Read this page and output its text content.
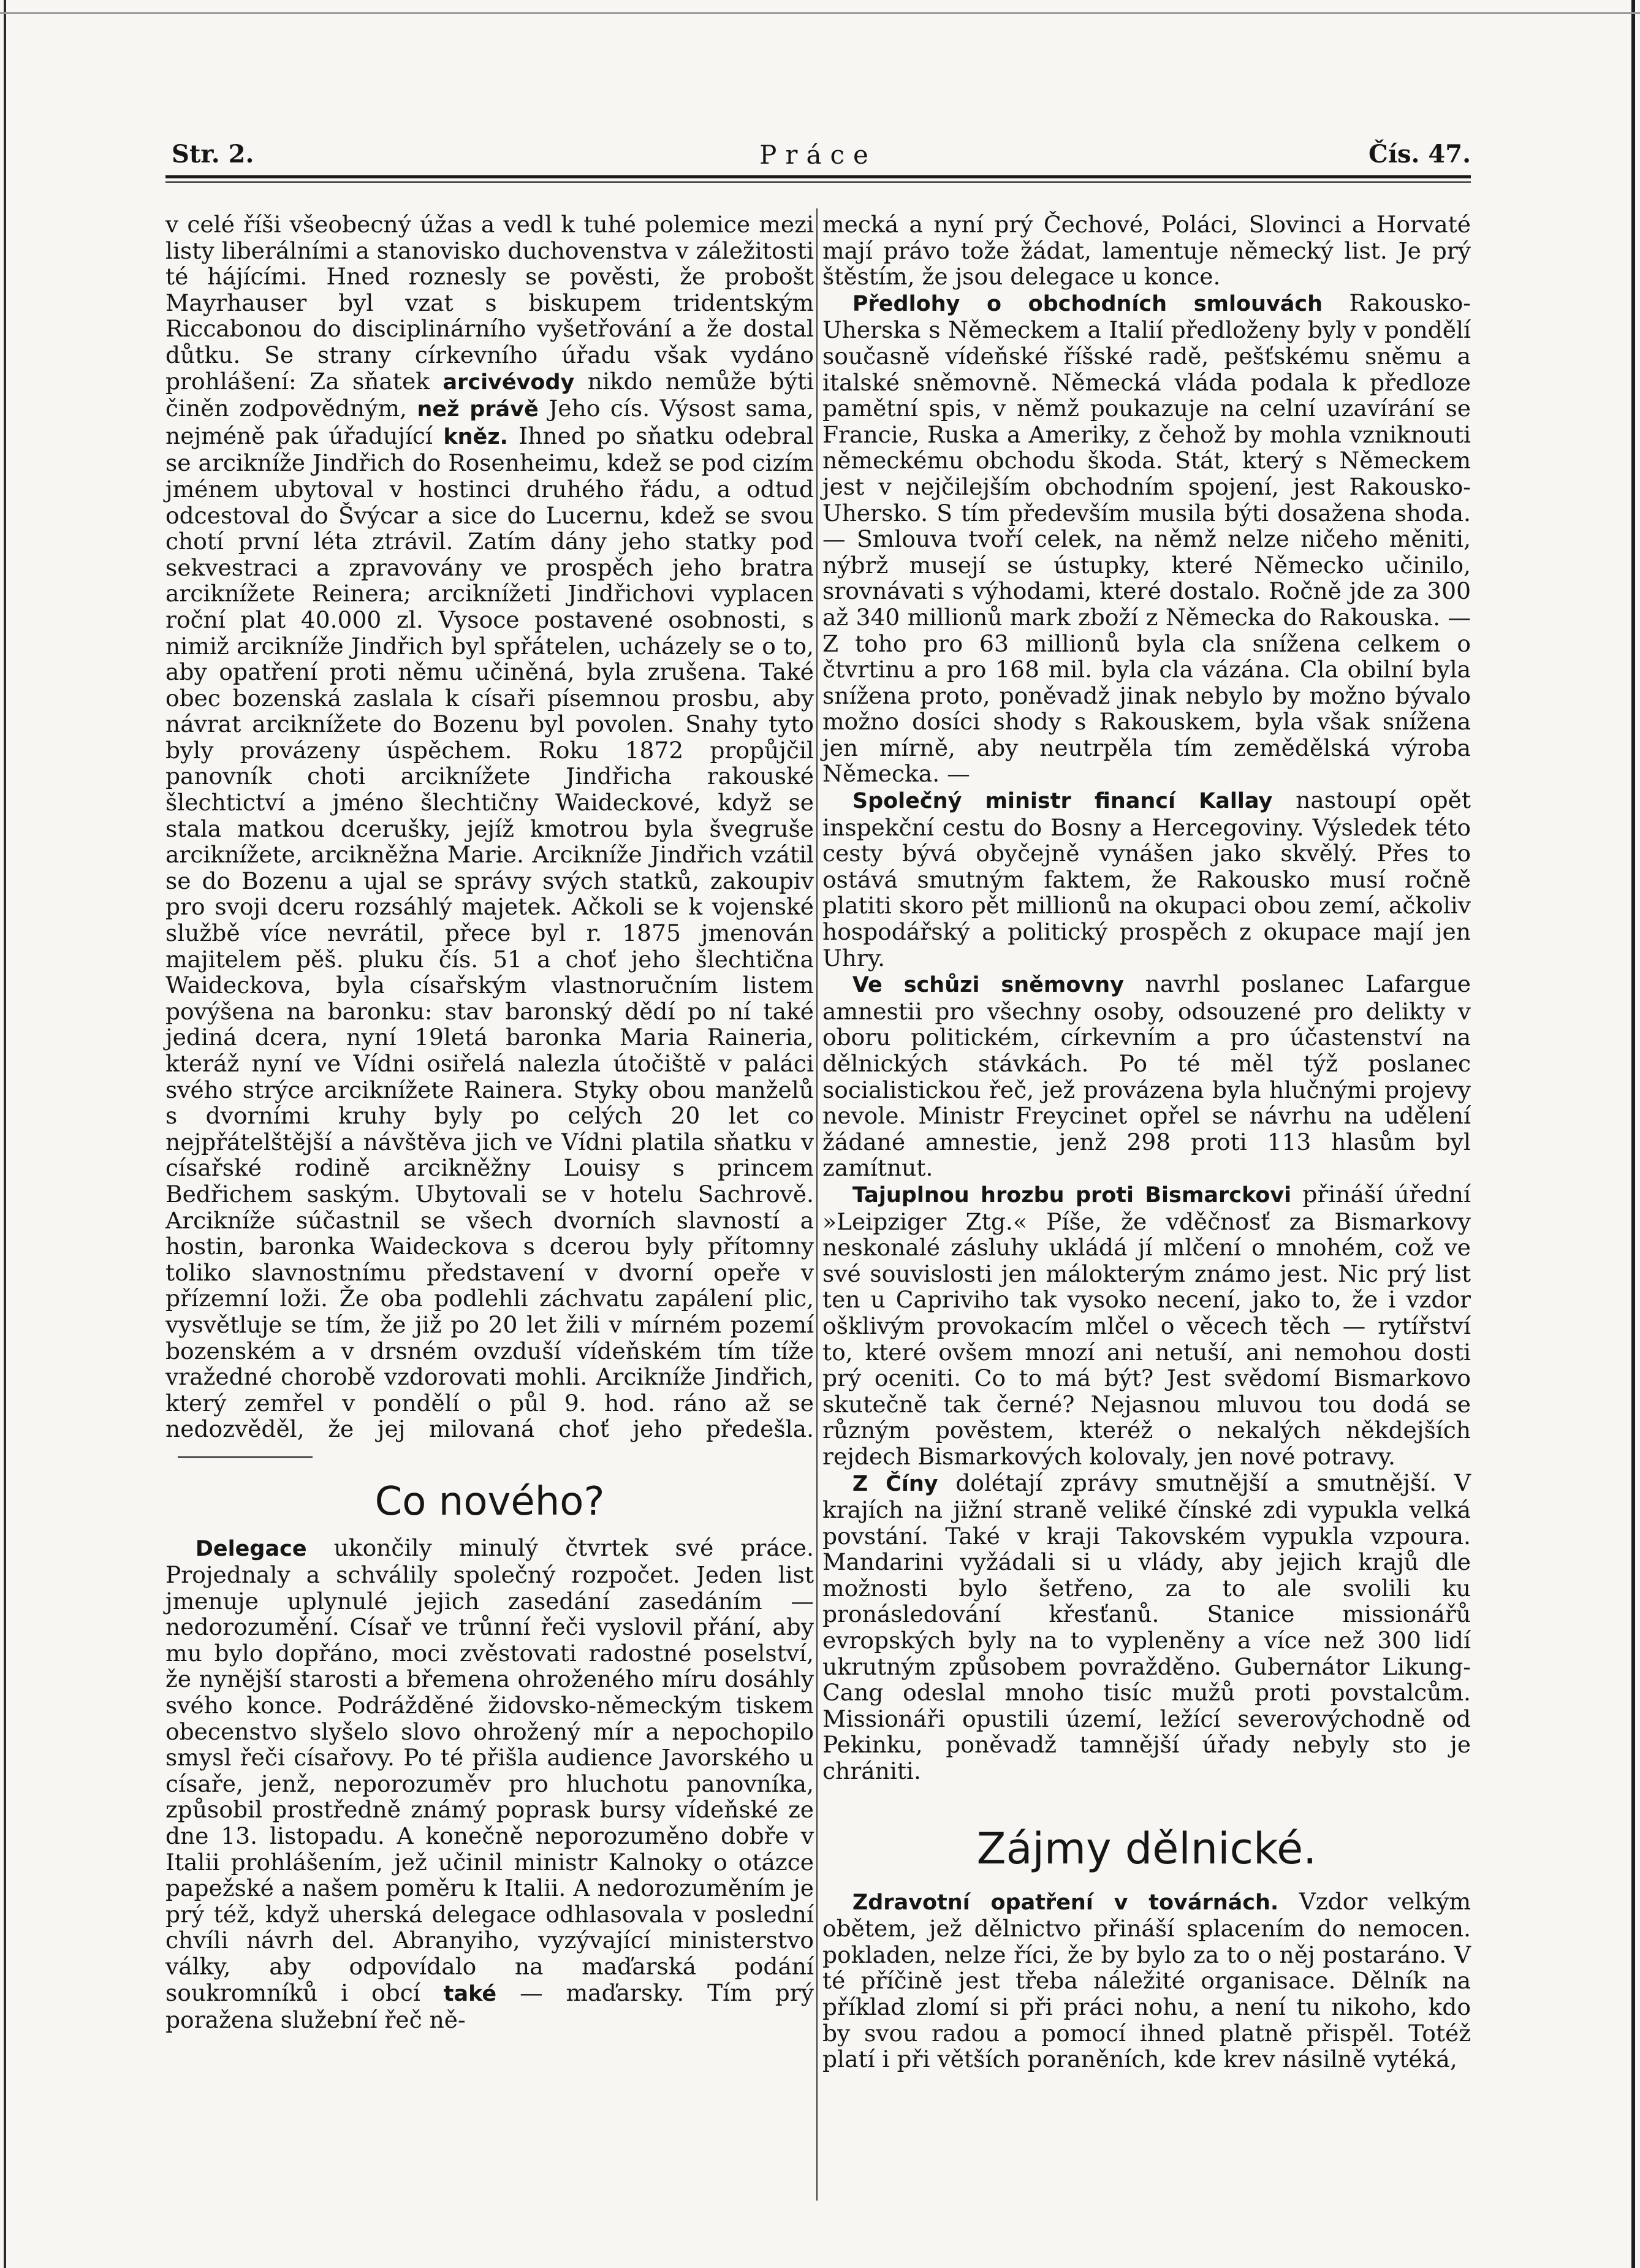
Str. 2.	Práce	Čís. 47.

v celé říši všeobecný úžas a vedl k tuhé polemice mezi listy liberálními a stanovisko duchovenstva v záležitosti té hájícími. Hned roznesly se pověsti, že probošt Mayrhauser byl vzat s biskupem tridentským Riccabonou do disciplinárního vyšetřování a že dostal důtku. Se strany církevního úřadu však vydáno prohlášení: Za sňatek arcivévody nikdo nemůže býti činěn zodpovědným, než právě Jeho cís. Výsost sama, nejméně pak úřadující kněz. Ihned po sňatku odebral se arcikníže Jindřich do Rosenheimu, kdež se pod cizím jménem ubytoval v hostinci druhého řádu, a odtud odcestoval do Švýcar a sice do Lucernu, kdež se svou chotí první léta ztrávil. Zatím dány jeho statky pod sekvestraci a zpravovány ve prospěch jeho bratra arciknížete Reinera; arciknížeti Jindřichovi vyplacen roční plat 40.000 zl. Vysoce postavené osobnosti, s nimiž arcikníže Jindřich byl spřátelen, ucházely se o to, aby opatření proti němu učiněná, byla zrušena. Také obec bozenská zaslala k císaři písemnou prosbu, aby návrat arciknížete do Bozenu byl povolen. Snahy tyto byly provázeny úspěchem. Roku 1872 propůjčil panovník choti arciknížete Jindřicha rakouské šlechtictví a jméno šlechtičny Waideckové, když se stala matkou dcerušky, jejíž kmotrou byla švegruše arciknížete, arcikněžna Marie. Arcikníže Jindřich vzátil se do Bozenu a ujal se správy svých statků, zakoupiv pro svoji dceru rozsáhlý majetek. Ačkoli se k vojenské službě více nevrátil, přece byl r. 1875 jmenován majitelem pěš. pluku čís. 51 a choť jeho šlechtična Waideckova, byla císařským vlastnoručním listem povýšena na baronku: stav baronský dědí po ní také jediná dcera, nyní 19letá baronka Maria Raineria, kteráž nyní ve Vídni osiřelá nalezla útočiště v paláci svého strýce arciknížete Rainera. Styky obou manželů s dvorními kruhy byly po celých 20 let co nejpřátelštější a návštěva jich ve Vídni platila sňatku v císařské rodině arcikněžny Louisy s princem Bedřichem saským. Ubytovali se v hotelu Sachrově. Arcikníže súčastnil se všech dvorních slavností a hostin, baronka Waideckova s dcerou byly přítomny toliko slavnostnímu představení v dvorní opeře v přízemní loži. Že oba podlehli záchvatu zapálení plic, vysvětluje se tím, že již po 20 let žili v mírném pozemí bozenském a v drsném ovzduší vídeňském tím tíže vražedné chorobě vzdorovati mohli. Arcikníže Jindřich, který zemřel v pondělí o půl 9. hod. ráno až se nedozvěděl, že jej milovaná choť jeho předešla.

Co nového?

Delegace ukončily minulý čtvrtek své práce. Projednaly a schválily společný rozpočet. Jeden list jmenuje uplynulé jejich zasedání zasedáním — nedorozumění. Císař ve trůnní řeči vyslovil přání, aby mu bylo dopřáno, moci zvěstovati radostné poselství, že nynější starosti a břemena ohroženého míru dosáhly svého konce. Podrážděné židovsko-německým tiskem obecenstvo slyšelo slovo ohrožený mír a nepochopilo smysl řeči císařovy. Po té přišla audience Javorského u císaře, jenž, neporozuměv pro hluchotu panovníka, způsobil prostředně známý poprask bursy vídeňské ze dne 13. listopadu. A konečně neporozuměno dobře v Italii prohlášením, jež učinil ministr Kalnoky o otázce papežské a našem poměru k Italii. A nedorozuměním je prý též, když uherská delegace odhlasovala v poslední chvíli návrh del. Abranyiho, vyzývající ministerstvo války, aby odpovídalo na maďarská podání soukromníků i obcí také — maďarsky. Tím prý poražena služební řeč ně-

mecká a nyní prý Čechové, Poláci, Slovinci a Horvaté mají právo tože žádat, lamentuje německý list. Je prý štěstím, že jsou delegace u konce.

Předlohy o obchodních smlouvách Rakousko-Uherska s Německem a Italií předloženy byly v pondělí současně vídeňské říšské radě, pešťskému sněmu a italské sněmovně. Německá vláda podala k předloze pamětní spis, v němž poukazuje na celní uzavírání se Francie, Ruska a Ameriky, z čehož by mohla vzniknouti německému obchodu škoda. Stát, který s Německem jest v nejčilejším obchodním spojení, jest Rakousko-Uhersko. S tím především musila býti dosažena shoda. — Smlouva tvoří celek, na němž nelze ničeho měniti, nýbrž musejí se ústupky, které Německo učinilo, srovnávati s výhodami, které dostalo. Ročně jde za 300 až 340 millionů mark zboží z Německa do Rakouska. — Z toho pro 63 millionů byla cla snížena celkem o čtvrtinu a pro 168 mil. byla cla vázána. Cla obilní byla snížena proto, poněvadž jinak nebylo by možno bývalo možno dosíci shody s Rakouskem, byla však snížena jen mírně, aby neutrpěla tím zemědělská výroba Německa. —

Společný ministr financí Kallay nastoupí opět inspekční cestu do Bosny a Hercegoviny. Výsledek této cesty bývá obyčejně vynášen jako skvělý. Přes to ostává smutným faktem, že Rakousko musí ročně platiti skoro pět millionů na okupaci obou zemí, ačkoliv hospodářský a politický prospěch z okupace mají jen Uhry.

Ve schůzi sněmovny navrhl poslanec Lafargue amnestii pro všechny osoby, odsouzené pro delikty v oboru politickém, církevním a pro účastenství na dělnických stávkách. Po té měl týž poslanec socialistickou řeč, jež provázena byla hlučnými projevy nevole. Ministr Freycinet opřel se návrhu na udělení žádané amnestie, jenž 298 proti 113 hlasům byl zamítnut.

Tajuplnou hrozbu proti Bismarckovi přináší úřední »Leipziger Ztg.« Píše, že vděčnosť za Bismarkovy neskonalé zásluhy ukládá jí mlčení o mnohém, což ve své souvislosti jen málokterým známo jest. Nic prý list ten u Capriviho tak vysoko necení, jako to, že i vzdor ošklivým provokacím mlčel o věcech těch — rytířství to, které ovšem mnozí ani netuší, ani nemohou dosti prý oceniti. Co to má být? Jest svědomí Bismarkovo skutečně tak černé? Nejasnou mluvou tou dodá se různým pověstem, kteréž o nekalých někdejších rejdech Bismarkových kolovaly, jen nové potravy.

Z Číny dolétají zprávy smutnější a smutnější. V krajích na jižní straně veliké čínské zdi vypukla velká povstání. Také v kraji Takovském vypukla vzpoura. Mandarini vyžádali si u vlády, aby jejich krajů dle možnosti bylo šetřeno, za to ale svolili ku pronásledování křesťanů. Stanice missionářů evropských byly na to vypleněny a více než 300 lidí ukrutným způsobem povražděno. Gubernátor Likung-Cang odeslal mnoho tisíc mužů proti povstalcům. Missionáři opustili území, ležící severovýchodně od Pekinku, poněvadž tamnější úřady nebyly sto je chrániti.

Zájmy dělnické.

Zdravotní opatření v továrnách. Vzdor velkým obětem, jež dělnictvo přináší splacením do nemocen. pokladen, nelze říci, že by bylo za to o něj postaráno. V té příčině jest třeba náležité organisace. Dělník na příklad zlomí si při práci nohu, a není tu nikoho, kdo by svou radou a pomocí ihned platně přispěl. Totéž platí i při větších poraněních, kde krev násilně vytéká,
